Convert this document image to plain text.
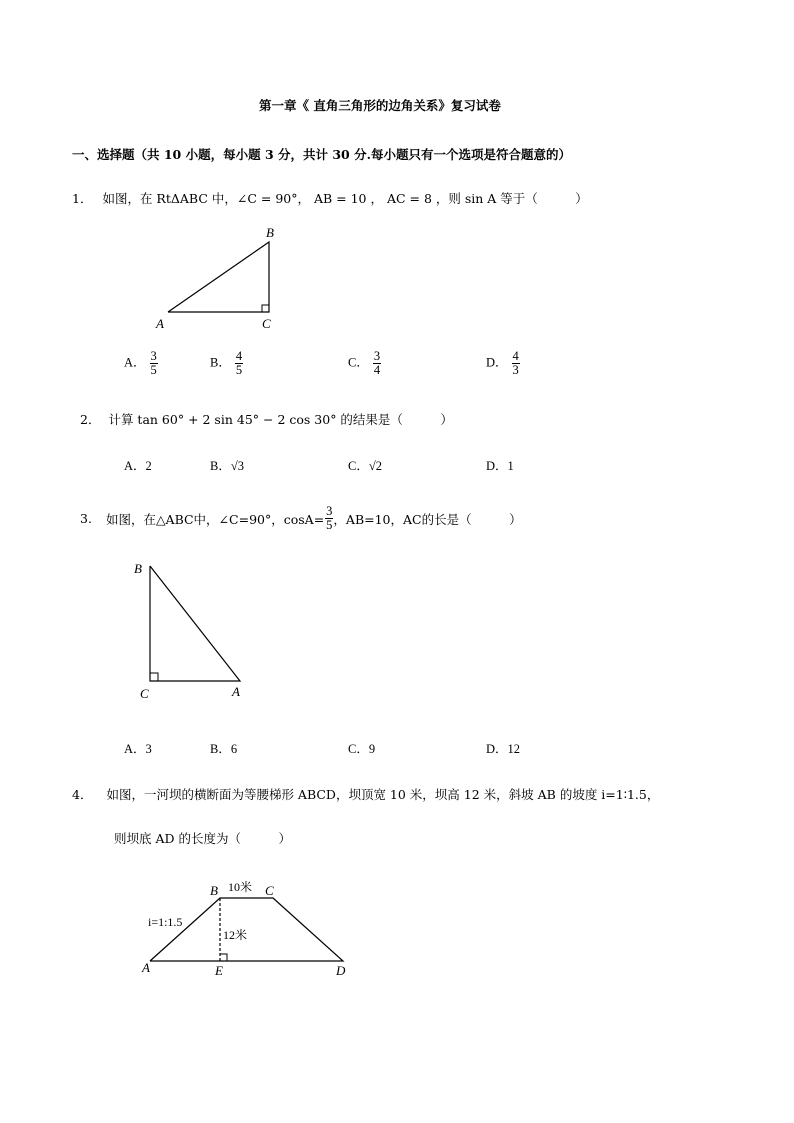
第一章《 直角三角形的边角关系》复习试卷
一、选择题（共 10 小题，每小题 3 分，共计 30 分.每小题只有一个选项是符合题意的）
1． 如图，在 RtΔABC 中，∠C = 90°， AB = 10 ， AC = 8 ，则 sin A 等于（　　　）
B
A	C
A． $\frac{3}{5}$	B． $\frac{4}{5}$	C． $\frac{3}{4}$	D． $\frac{4}{3}$
2． 计算 tan 60° + 2 sin 45° − 2 cos 30° 的结果是（　　　）
A．2	B．√3	C．√2	D．1
3. 如图，在△ABC中，∠C=90°，$\cos A= \frac{3}{5}$ ，AB=10，AC的长是（　　　）
B
C	A
A．3	B．6	C．9	D．12
4． 如图，一河坝的横断面为等腰梯形 ABCD，坝顶宽 10 米，坝高 12 米，斜坡 AB 的坡度 i=1∶1.5，
则坝底 AD 的长度为（　　　）
B	C
A	E	D
10米
12米
i=1:1.5
